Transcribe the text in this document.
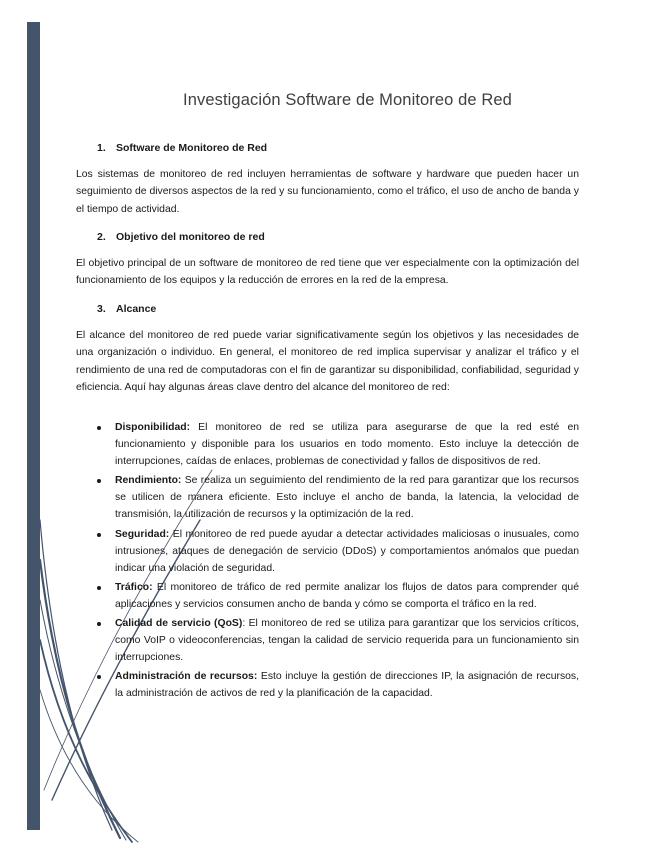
Investigación Software de Monitoreo de Red
1. Software de Monitoreo de Red

Los sistemas de monitoreo de red incluyen herramientas de software y hardware que pueden hacer un seguimiento de diversos aspectos de la red y su funcionamiento, como el tráfico, el uso de ancho de banda y el tiempo de actividad.

2. Objetivo del monitoreo de red

El objetivo principal de un software de monitoreo de red tiene que ver especialmente con la optimización del funcionamiento de los equipos y la reducción de errores en la red de la empresa.

3. Alcance

El alcance del monitoreo de red puede variar significativamente según los objetivos y las necesidades de una organización o individuo. En general, el monitoreo de red implica supervisar y analizar el tráfico y el rendimiento de una red de computadoras con el fin de garantizar su disponibilidad, confiabilidad, seguridad y eficiencia. Aquí hay algunas áreas clave dentro del alcance del monitoreo de red:

Disponibilidad: El monitoreo de red se utiliza para asegurarse de que la red esté en funcionamiento y disponible para los usuarios en todo momento. Esto incluye la detección de interrupciones, caídas de enlaces, problemas de conectividad y fallos de dispositivos de red.
Rendimiento: Se realiza un seguimiento del rendimiento de la red para garantizar que los recursos se utilicen de manera eficiente. Esto incluye el ancho de banda, la latencia, la velocidad de transmisión, la utilización de recursos y la optimización de la red.
Seguridad: El monitoreo de red puede ayudar a detectar actividades maliciosas o inusuales, como intrusiones, ataques de denegación de servicio (DDoS) y comportamientos anómalos que puedan indicar una violación de seguridad.
Tráfico: El monitoreo de tráfico de red permite analizar los flujos de datos para comprender qué aplicaciones y servicios consumen ancho de banda y cómo se comporta el tráfico en la red.
Calidad de servicio (QoS): El monitoreo de red se utiliza para garantizar que los servicios críticos, como VoIP o videoconferencias, tengan la calidad de servicio requerida para un funcionamiento sin interrupciones.
Administración de recursos: Esto incluye la gestión de direcciones IP, la asignación de recursos, la administración de activos de red y la planificación de la capacidad.
